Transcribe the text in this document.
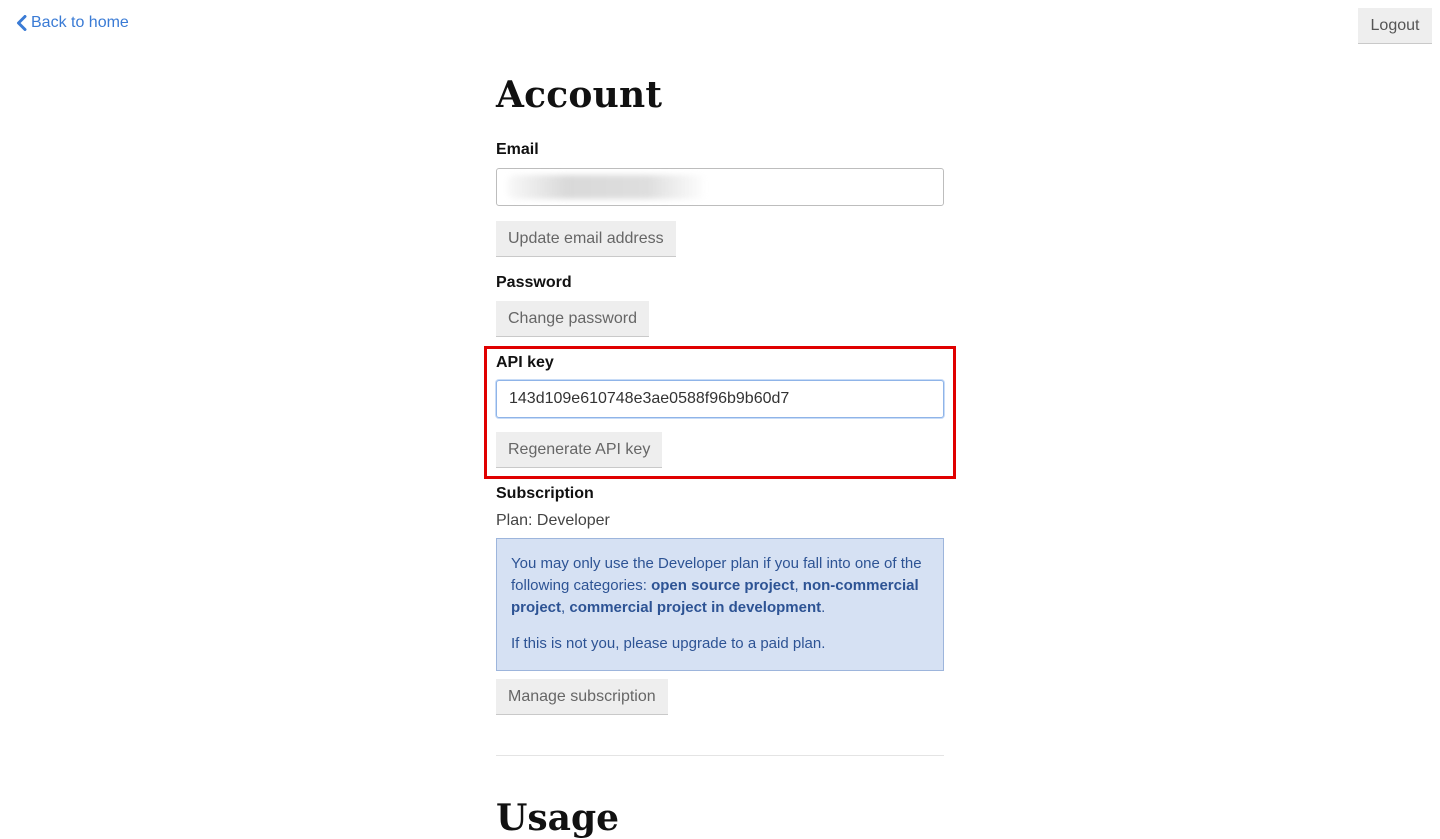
Back to home	Logout
Account
Email
Update email address
Password
Change password
API key
143d109e610748e3ae0588f96b9b60d7
Regenerate API key
Subscription
Plan: Developer

You may only use the Developer plan if you fall into one of the following categories: open source project, non-commercial project, commercial project in development.

If this is not you, please upgrade to a paid plan.

Manage subscription
Usage
